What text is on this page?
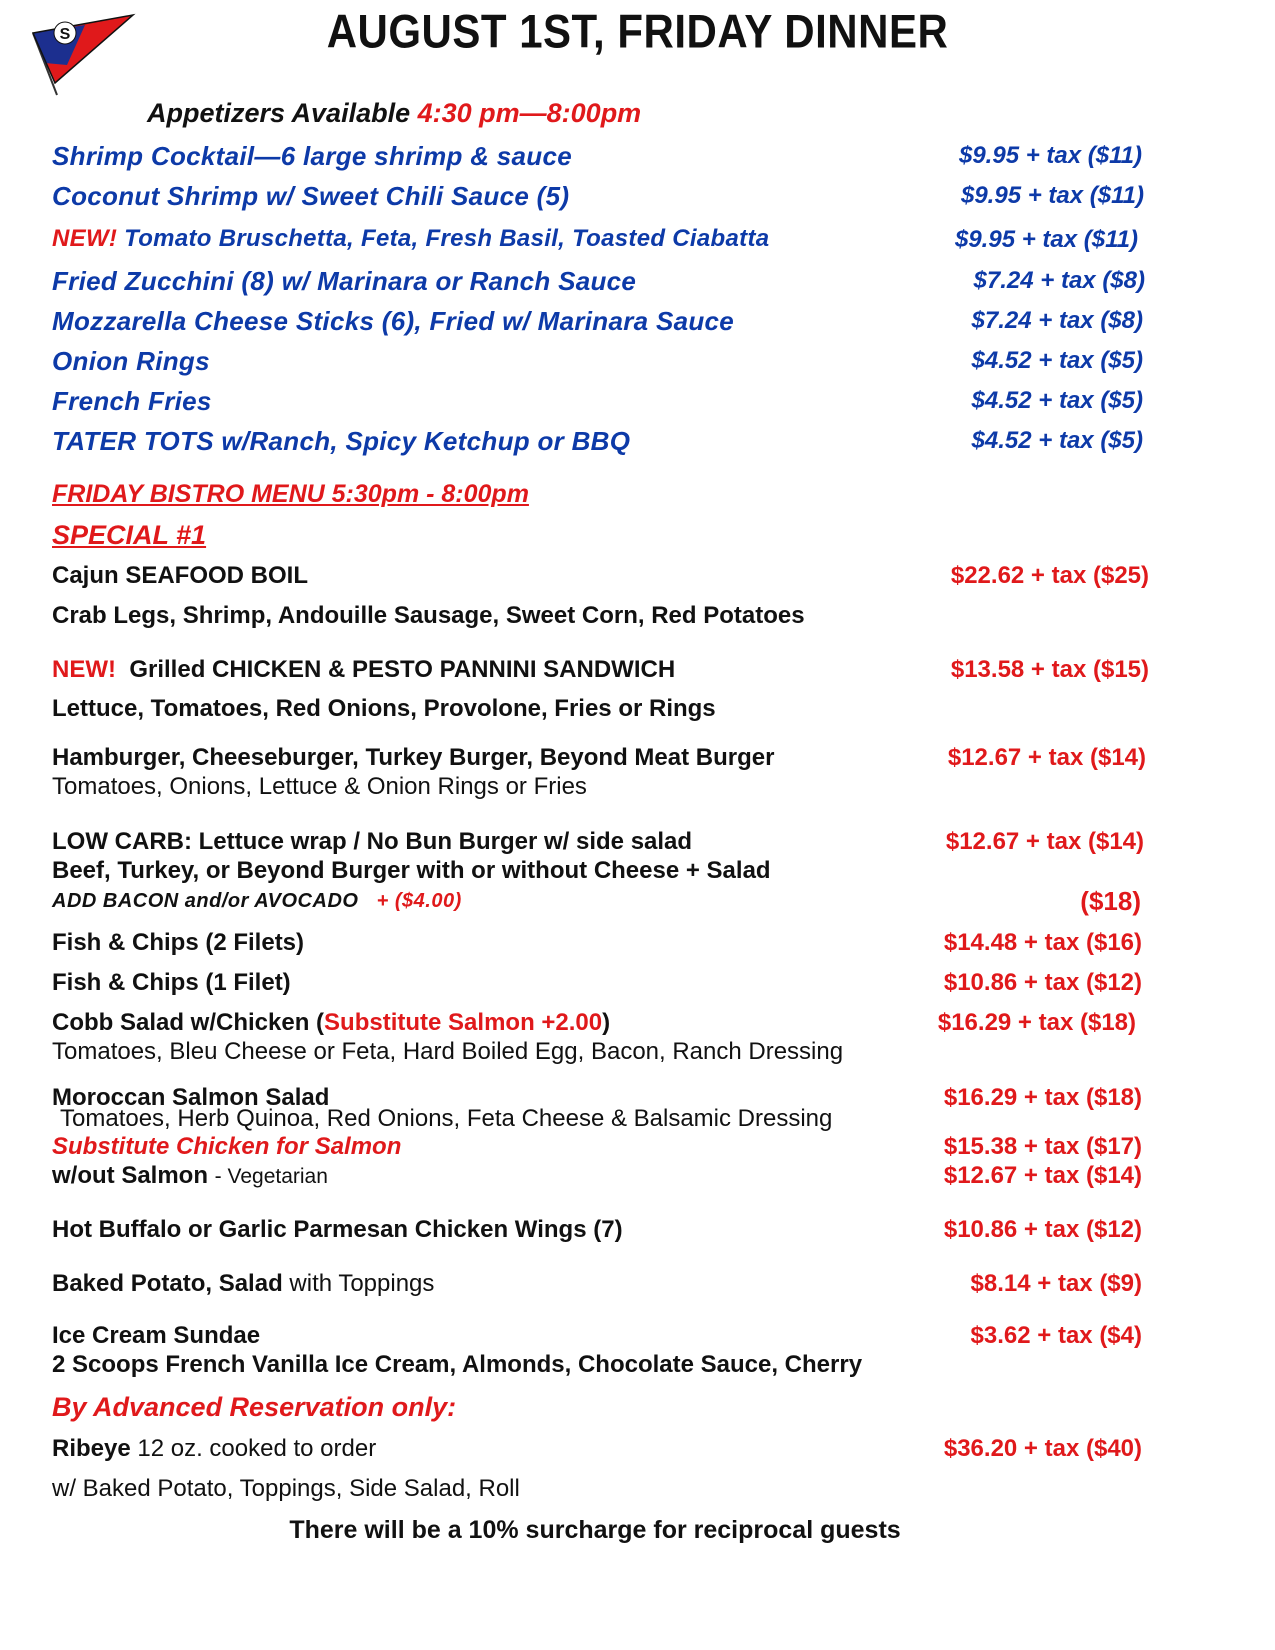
S	AUGUST 1ST, FRIDAY DINNER
Appetizers Available 4:30 pm—8:00pm
Shrimp Cocktail—6 large shrimp & sauce	$9.95 + tax ($11)
Coconut Shrimp w/ Sweet Chili Sauce (5)	$9.95 + tax ($11)
NEW! Tomato Bruschetta, Feta, Fresh Basil, Toasted Ciabatta	$9.95 + tax ($11)
Fried Zucchini (8) w/ Marinara or Ranch Sauce	$7.24 + tax ($8)
Mozzarella Cheese Sticks (6), Fried w/ Marinara Sauce	$7.24 + tax ($8)
Onion Rings	$4.52 + tax ($5)
French Fries	$4.52 + tax ($5)
TATER TOTS w/Ranch, Spicy Ketchup or BBQ	$4.52 + tax ($5)
FRIDAY BISTRO MENU 5:30pm - 8:00pm
SPECIAL #1
Cajun SEAFOOD BOIL	$22.62 + tax ($25)
Crab Legs, Shrimp, Andouille Sausage, Sweet Corn, Red Potatoes
NEW! Grilled CHICKEN & PESTO PANNINI SANDWICH	$13.58 + tax ($15)
Lettuce, Tomatoes, Red Onions, Provolone, Fries or Rings
Hamburger, Cheeseburger, Turkey Burger, Beyond Meat Burger	$12.67 + tax ($14)
Tomatoes, Onions, Lettuce & Onion Rings or Fries
LOW CARB: Lettuce wrap / No Bun Burger w/ side salad	$12.67 + tax ($14)
Beef, Turkey, or Beyond Burger with or without Cheese + Salad
ADD BACON and/or AVOCADO + ($4.00)	($18)
Fish & Chips (2 Filets)	$14.48 + tax ($16)
Fish & Chips (1 Filet)	$10.86 + tax ($12)
Cobb Salad w/Chicken (Substitute Salmon +2.00)	$16.29 + tax ($18)
Tomatoes, Bleu Cheese or Feta, Hard Boiled Egg, Bacon, Ranch Dressing
Moroccan Salmon Salad	$16.29 + tax ($18)
Tomatoes, Herb Quinoa, Red Onions, Feta Cheese & Balsamic Dressing
Substitute Chicken for Salmon	$15.38 + tax ($17)
w/out Salmon - Vegetarian	$12.67 + tax ($14)
Hot Buffalo or Garlic Parmesan Chicken Wings (7)	$10.86 + tax ($12)
Baked Potato, Salad with Toppings	$8.14 + tax ($9)
Ice Cream Sundae	$3.62 + tax ($4)
2 Scoops French Vanilla Ice Cream, Almonds, Chocolate Sauce, Cherry
By Advanced Reservation only:
Ribeye 12 oz. cooked to order	$36.20 + tax ($40)
w/ Baked Potato, Toppings, Side Salad, Roll
There will be a 10% surcharge for reciprocal guests
